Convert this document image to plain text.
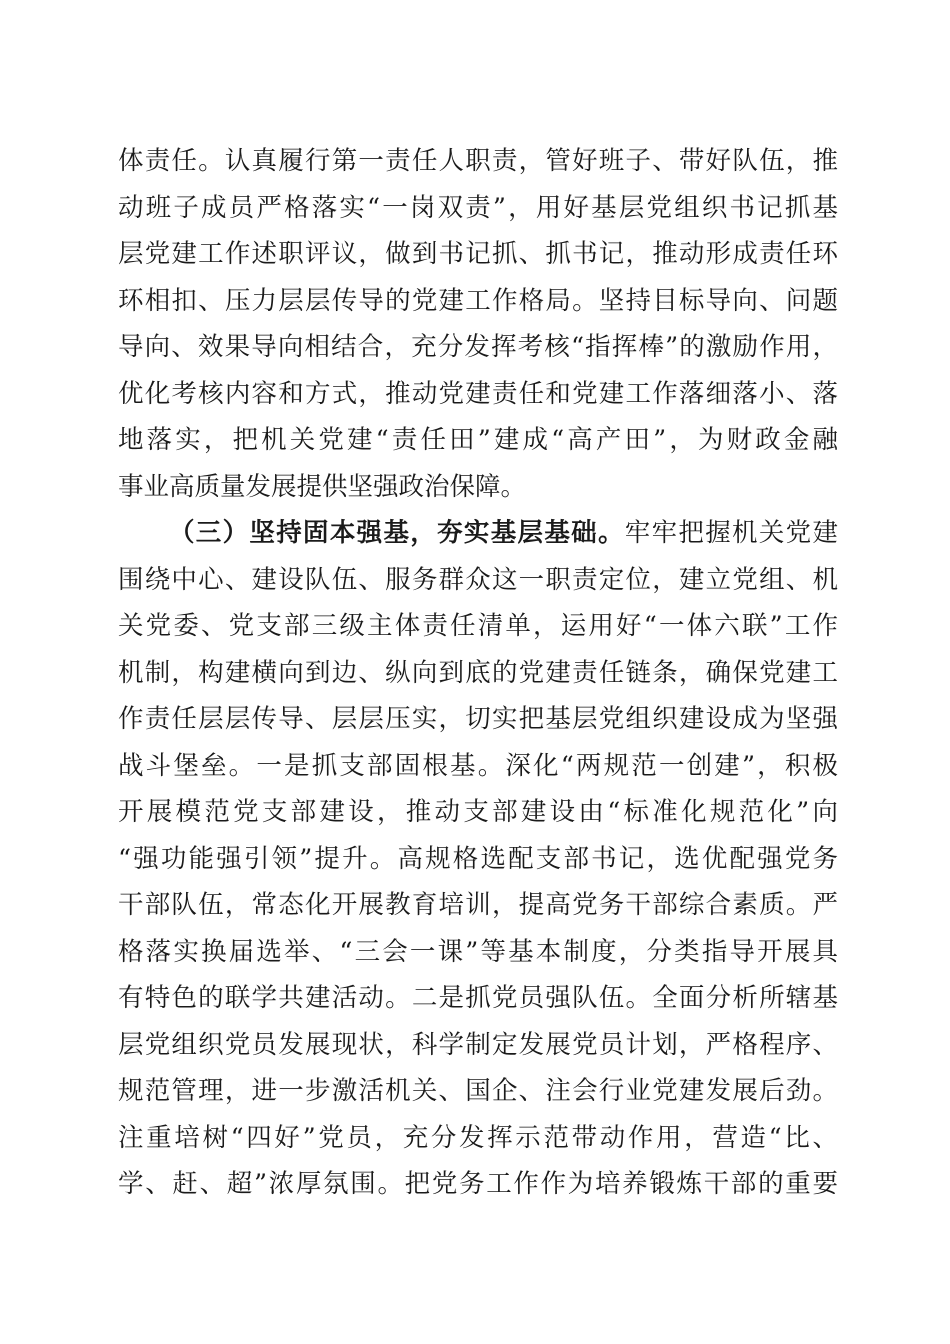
体责任。认真履行第一责任人职责，管好班子、带好队伍，推
动班子成员严格落实“一岗双责”，用好基层党组织书记抓基
层党建工作述职评议，做到书记抓、抓书记，推动形成责任环
环相扣、压力层层传导的党建工作格局。坚持目标导向、问题
导向、效果导向相结合，充分发挥考核“指挥棒”的激励作用，
优化考核内容和方式，推动党建责任和党建工作落细落小、落
地落实，把机关党建“责任田”建成“高产田”，为财政金融
事业高质量发展提供坚强政治保障。
（三）坚持固本强基，夯实基层基础。牢牢把握机关党建
围绕中心、建设队伍、服务群众这一职责定位，建立党组、机
关党委、党支部三级主体责任清单，运用好“一体六联”工作
机制，构建横向到边、纵向到底的党建责任链条，确保党建工
作责任层层传导、层层压实，切实把基层党组织建设成为坚强
战斗堡垒。一是抓支部固根基。深化“两规范一创建”，积极
开展模范党支部建设，推动支部建设由“标准化规范化”向
“强功能强引领”提升。高规格选配支部书记，选优配强党务
干部队伍，常态化开展教育培训，提高党务干部综合素质。严
格落实换届选举、“三会一课”等基本制度，分类指导开展具
有特色的联学共建活动。二是抓党员强队伍。全面分析所辖基
层党组织党员发展现状，科学制定发展党员计划，严格程序、
规范管理，进一步激活机关、国企、注会行业党建发展后劲。
注重培树“四好”党员，充分发挥示范带动作用，营造“比、
学、赶、超”浓厚氛围。把党务工作作为培养锻炼干部的重要
